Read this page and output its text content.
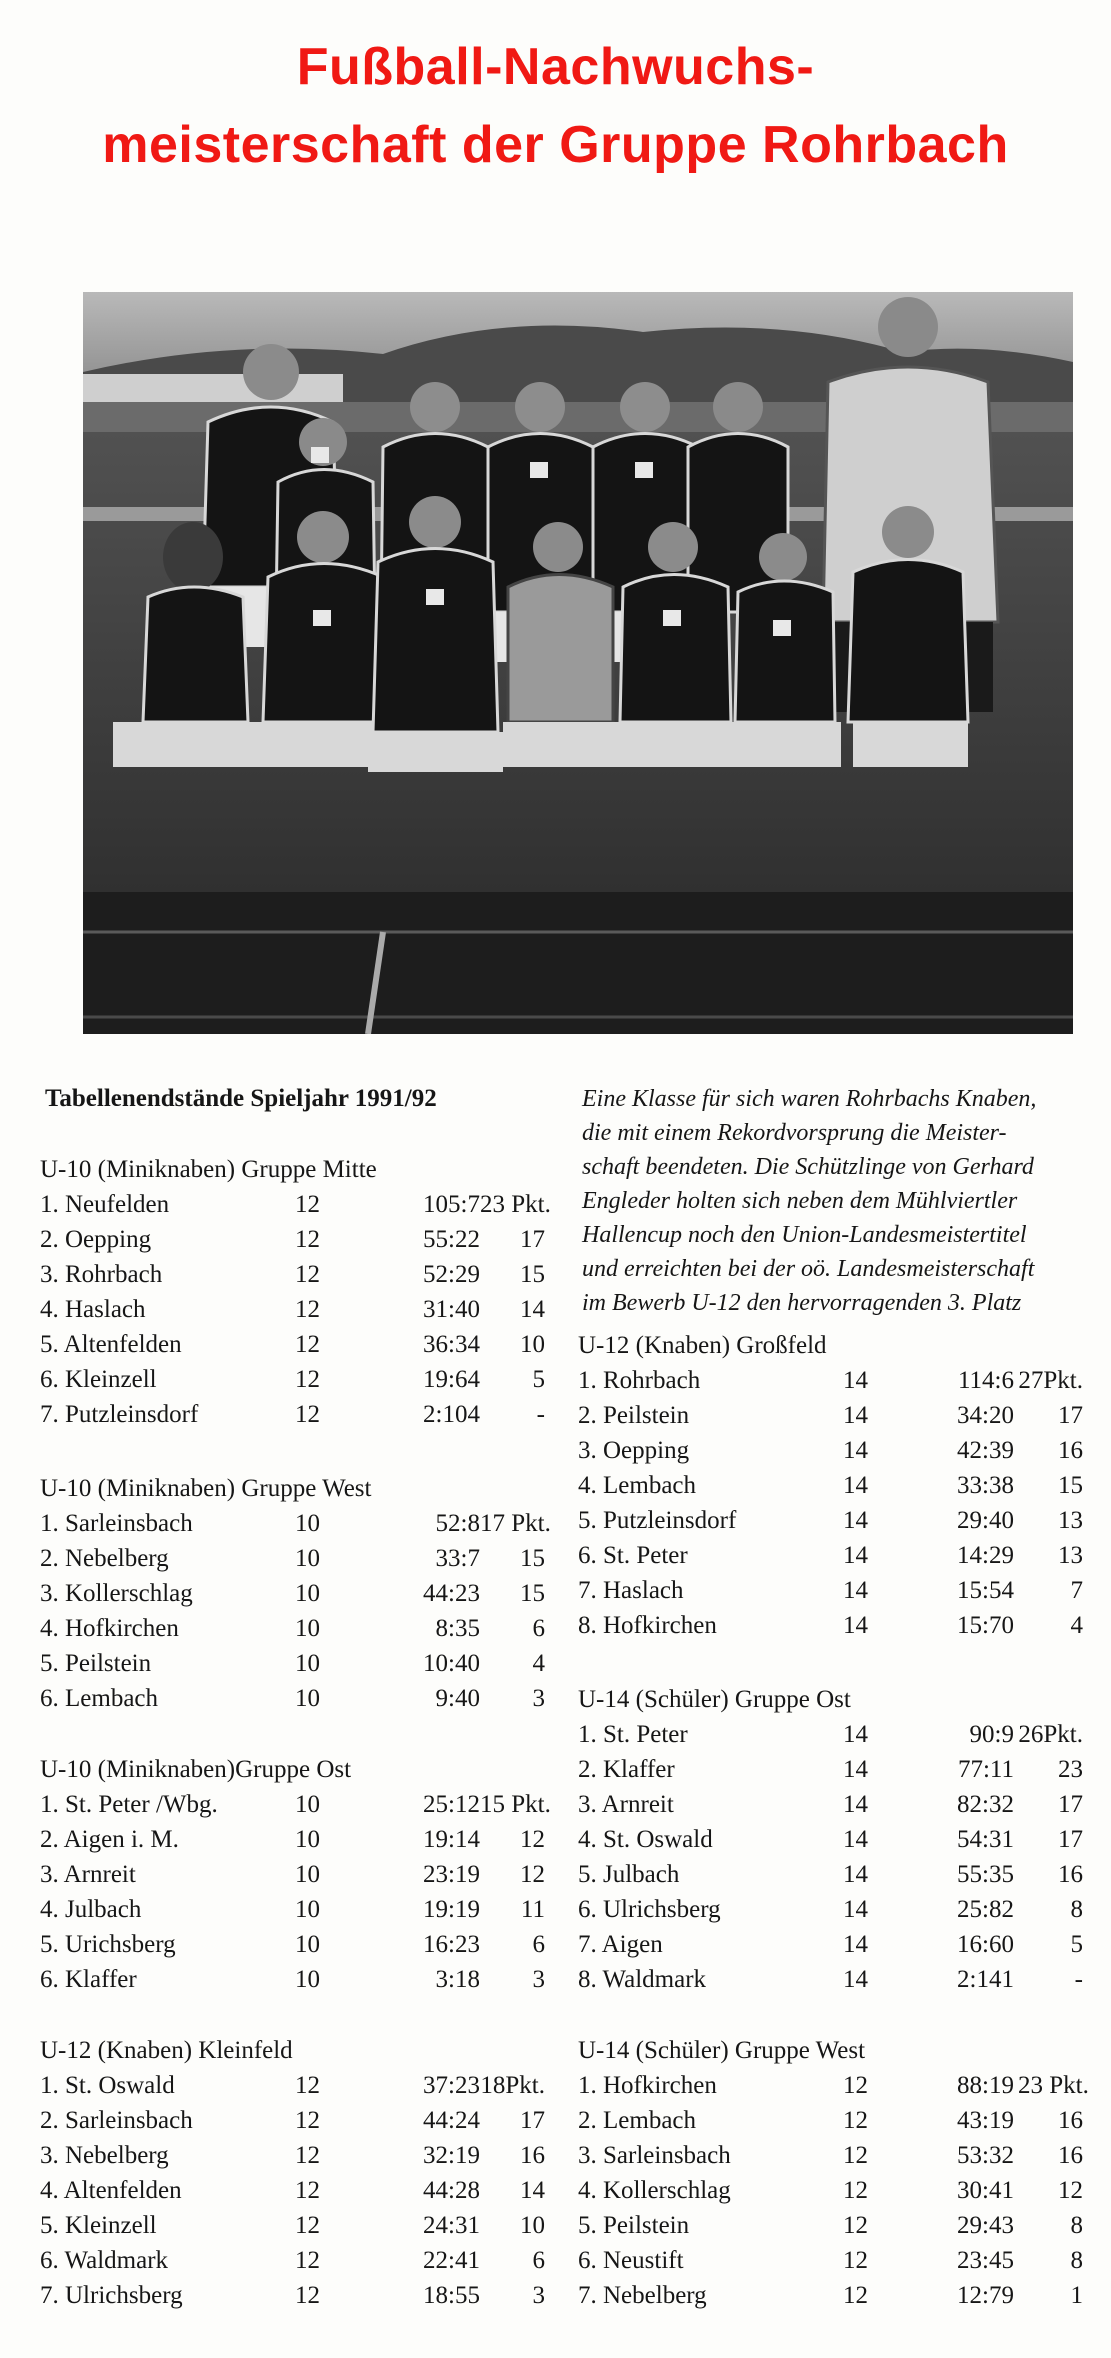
Fußball-Nachwuchs-
meisterschaft der Gruppe Rohrbach
Tabellenendstände Spieljahr 1991/92	Eine Klasse für sich waren Rohrbachs Knaben,
die mit einem Rekordvorsprung die Meister-
schaft beendeten. Die Schützlinge von Gerhard
Engleder holten sich neben dem Mühlviertler
Hallencup noch den Union-Landesmeistertitel
und erreichten bei der oö. Landesmeisterschaft
im Bewerb U-12 den hervorragenden 3. Platz
U-10 (Miniknaben) Gruppe Mitte
1. Neufelden	12	105:7 23 Pkt.
2. Oepping	12	55:22	17
3. Rohrbach	12	52:29	15
4. Haslach	12	31:40	14
5. Altenfelden	12	36:34	10
6. Kleinzell	12	19:64	5
7. Putzleinsdorf	12	2:104	-
U-10 (Miniknaben) Gruppe West
1. Sarleinsbach	10	52:8 17 Pkt.
2. Nebelberg	10	33:7	15
3. Kollerschlag	10	44:23	15
4. Hofkirchen	10	8:35	6
5. Peilstein	10	10:40	4
6. Lembach	10	9:40	3
U-10 (Miniknaben)Gruppe Ost
1. St. Peter /Wbg.	10	25:12 15 Pkt.
2. Aigen i. M.	10	19:14	12
3. Arnreit	10	23:19	12
4. Julbach	10	19:19	11
5. Urichsberg	10	16:23	6
6. Klaffer	10	3:18	3
U-12 (Knaben) Kleinfeld
1. St. Oswald	12	37:23 18Pkt.
2. Sarleinsbach	12	44:24	17
3. Nebelberg	12	32:19	16
4. Altenfelden	12	44:28	14
5. Kleinzell	12	24:31	10
6. Waldmark	12	22:41	6
7. Ulrichsberg	12	18:55	3
U-12 (Knaben) Großfeld
1. Rohrbach	14	114:6 27Pkt.
2. Peilstein	14	34:20	17
3. Oepping	14	42:39	16
4. Lembach	14	33:38	15
5. Putzleinsdorf	14	29:40	13
6. St. Peter	14	14:29	13
7. Haslach	14	15:54	7
8. Hofkirchen	14	15:70	4
U-14 (Schüler) Gruppe Ost
1. St. Peter	14	90:9 26Pkt.
2. Klaffer	14	77:11	23
3. Arnreit	14	82:32	17
4. St. Oswald	14	54:31	17
5. Julbach	14	55:35	16
6. Ulrichsberg	14	25:82	8
7. Aigen	14	16:60	5
8. Waldmark	14	2:141	-
U-14 (Schüler) Gruppe West
1. Hofkirchen	12	88:19 23 Pkt.
2. Lembach	12	43:19	16
3. Sarleinsbach	12	53:32	16
4. Kollerschlag	12	30:41	12
5. Peilstein	12	29:43	8
6. Neustift	12	23:45	8
7. Nebelberg	12	12:79	1
